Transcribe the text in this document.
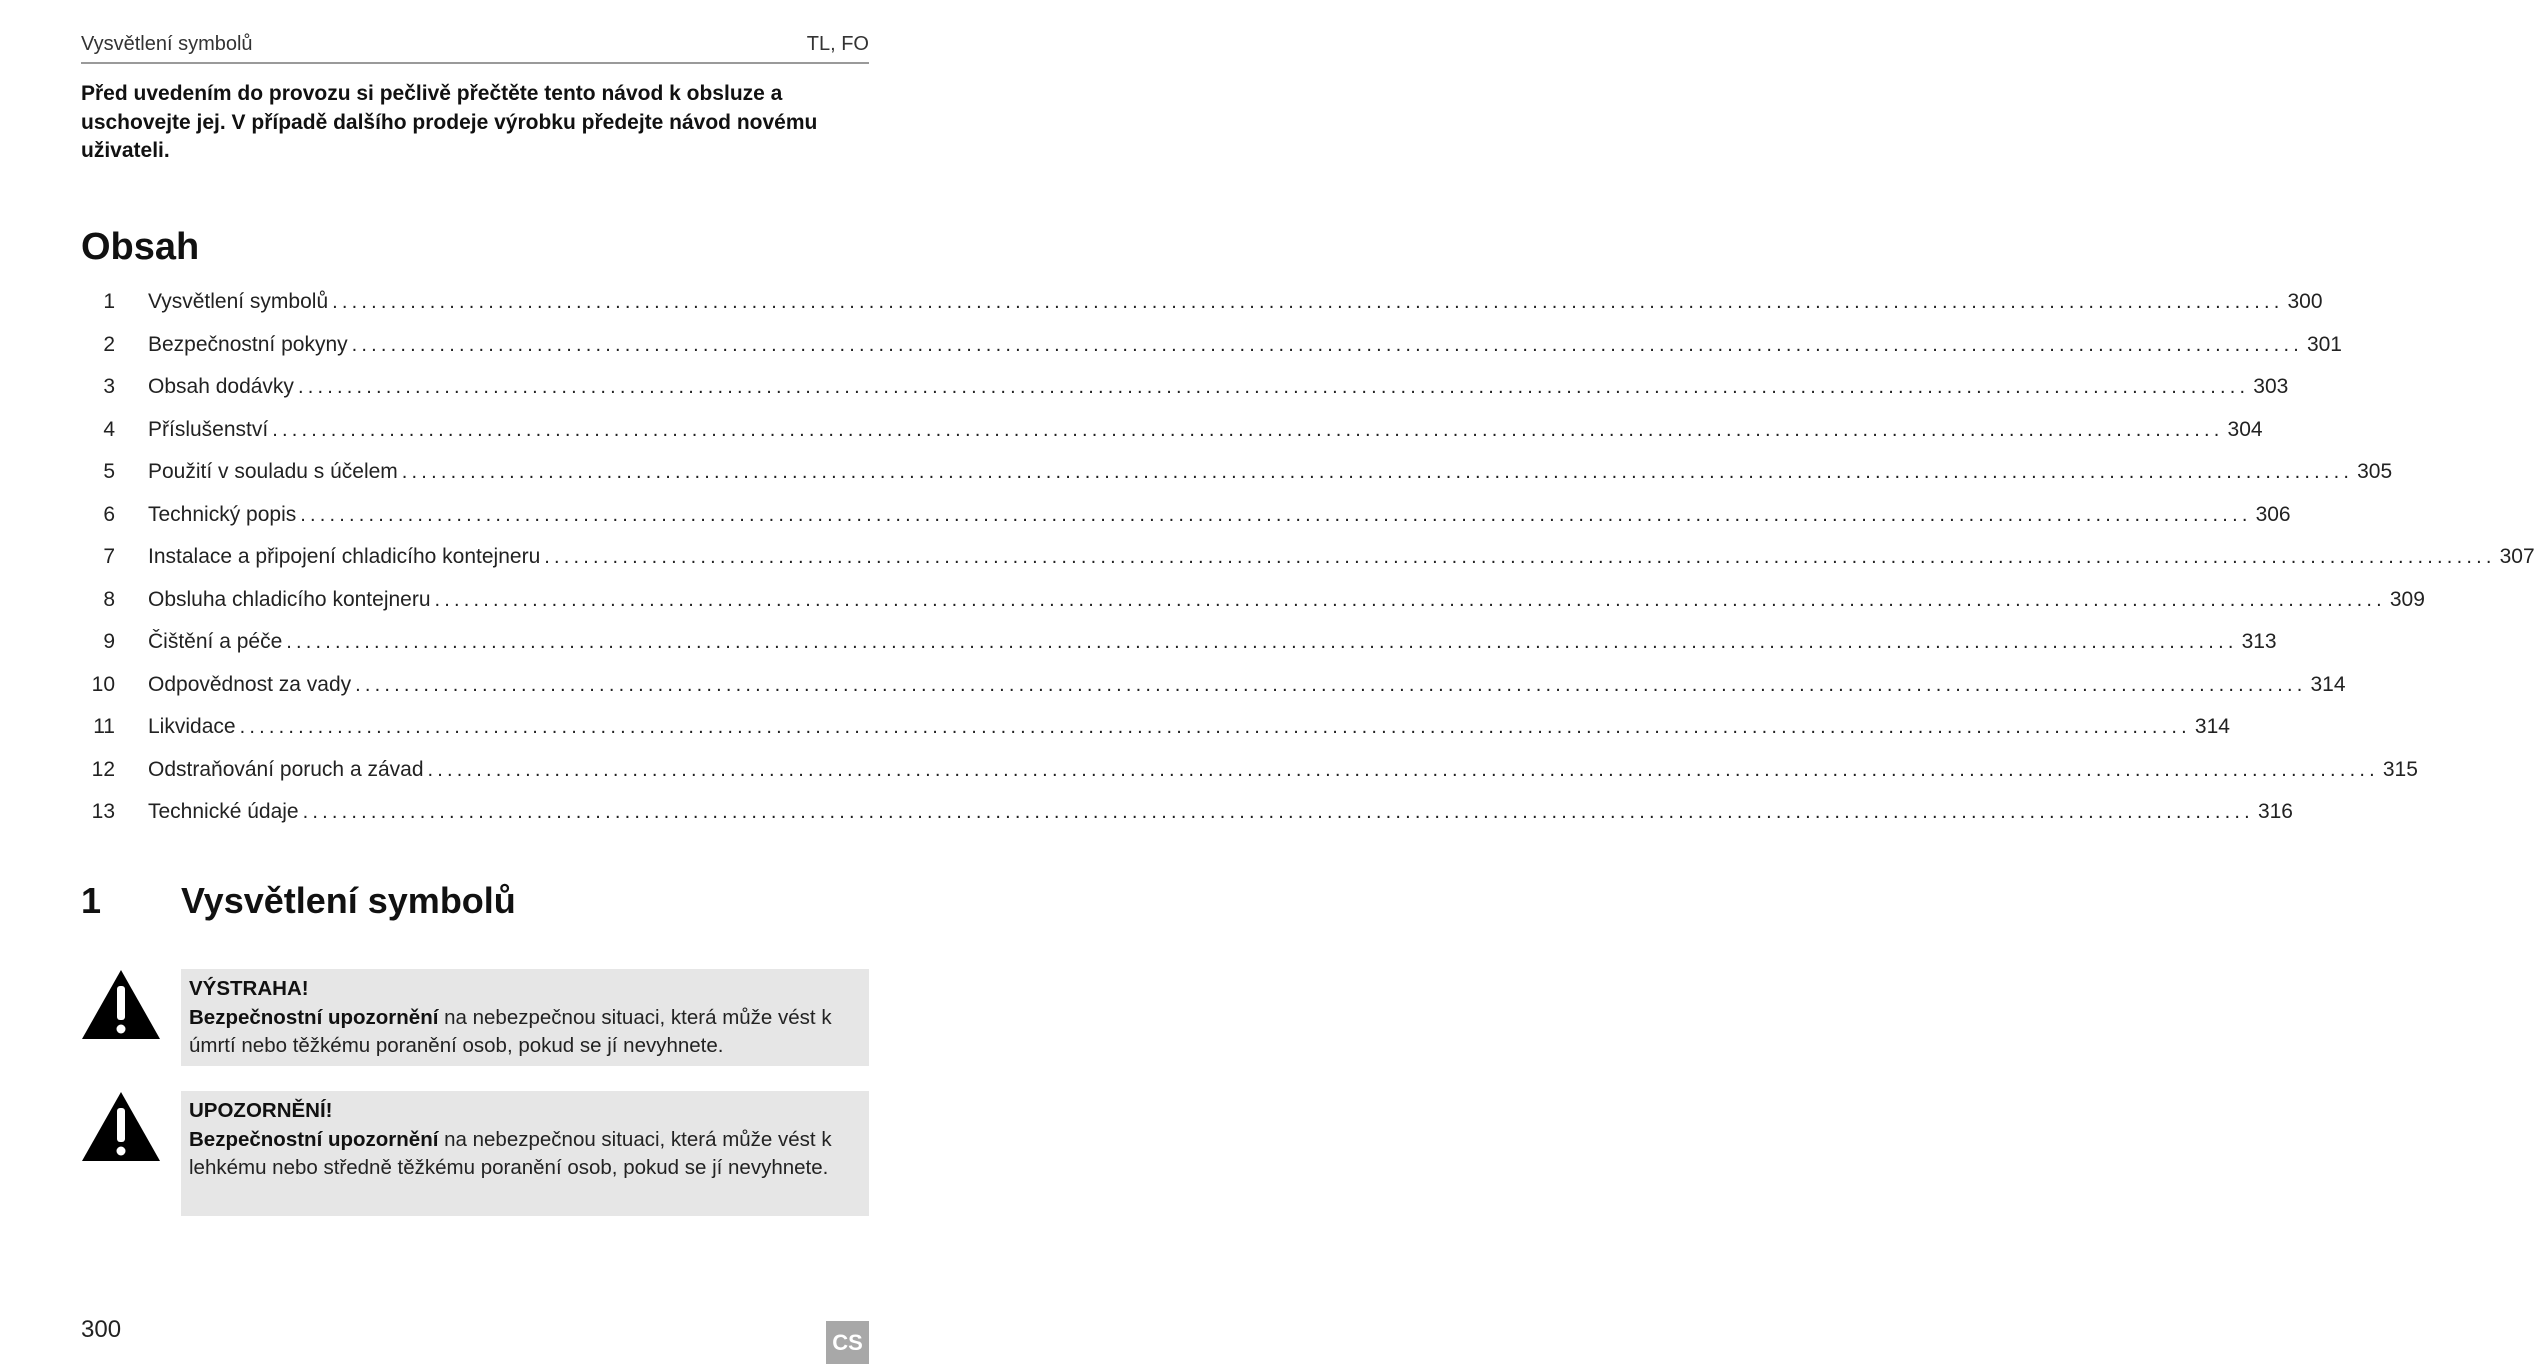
Vysvětlení symbolů	TL, FO
Před uvedením do provozu si pečlivě přečtěte tento návod k obsluze a uschovejte jej. V případě dalšího prodeje výrobku předejte návod novému uživateli.
Obsah
1 Vysvětlení symbolů ........................................................................................................................................................................................................ 300
2 Bezpečnostní pokyny ........................................................................................................................................................................................................ 301
3 Obsah dodávky ........................................................................................................................................................................................................ 303
4 Příslušenství ........................................................................................................................................................................................................ 304
5 Použití v souladu s účelem ........................................................................................................................................................................................................ 305
6 Technický popis ........................................................................................................................................................................................................ 306
7 Instalace a připojení chladicího kontejneru ........................................................................................................................................................................................................ 307
8 Obsluha chladicího kontejneru ........................................................................................................................................................................................................ 309
9 Čištění a péče ........................................................................................................................................................................................................ 313
10 Odpovědnost za vady ........................................................................................................................................................................................................ 314
11 Likvidace ........................................................................................................................................................................................................ 314
12 Odstraňování poruch a závad ........................................................................................................................................................................................................ 315
13 Technické údaje ........................................................................................................................................................................................................ 316
1 Vysvětlení symbolů
VÝSTRAHA!
Bezpečnostní upozornění na nebezpečnou situaci, která může vést k úmrtí nebo těžkému poranění osob, pokud se jí nevyhnete.
UPOZORNĚNÍ!
Bezpečnostní upozornění na nebezpečnou situaci, která může vést k lehkému nebo středně těžkému poranění osob, pokud se jí nevyhnete.
300	CS
